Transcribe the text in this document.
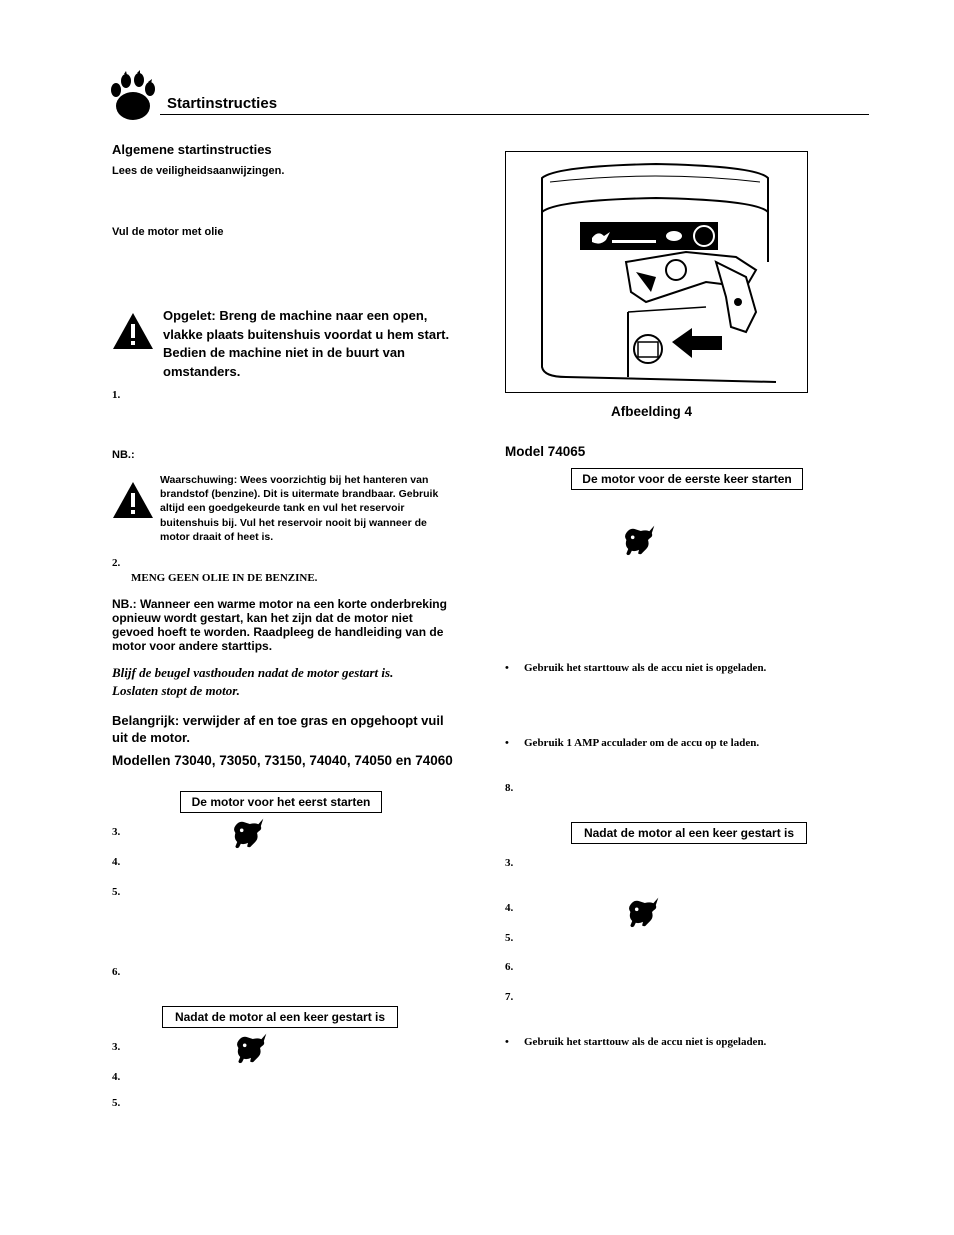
Startinstructies
Algemene startinstructies
Lees de veiligheidsaanwijzingen.
Vul de motor met olie
Opgelet: Breng de machine naar een open, vlakke plaats buitenshuis voordat u hem start. Bedien de machine niet in de buurt van omstanders.
1.
NB.:
Waarschuwing: Wees voorzichtig bij het hanteren van brandstof (benzine). Dit is uitermate brandbaar. Gebruik altijd een goedgekeurde tank en vul het reservoir buitenshuis bij. Vul het reservoir nooit bij wanneer de motor draait of heet is.
2.
MENG GEEN OLIE IN DE BENZINE.
NB.: Wanneer een warme motor na een korte onderbreking opnieuw wordt gestart, kan het zijn dat de motor niet gevoed hoeft te worden. Raadpleeg de handleiding van de motor voor andere starttips.
Blijf de beugel vasthouden nadat de motor gestart is. Loslaten stopt de motor.
Belangrijk: verwijder af en toe gras en opgehoopt vuil uit de motor.
Modellen 73040, 73050, 73150, 74040, 74050 en 74060
De motor voor het eerst starten
3.
4.
5.
6.
Nadat de motor al een keer gestart is
3.
4.
5.
Afbeelding 4
Model 74065
De motor voor de eerste keer starten
• Gebruik het starttouw als de accu niet is opgeladen.
• Gebruik 1 AMP acculader om de accu op te laden.
8.
Nadat de motor al een keer gestart is
3.
4.
5.
6.
7.
• Gebruik het starttouw als de accu niet is opgeladen.
